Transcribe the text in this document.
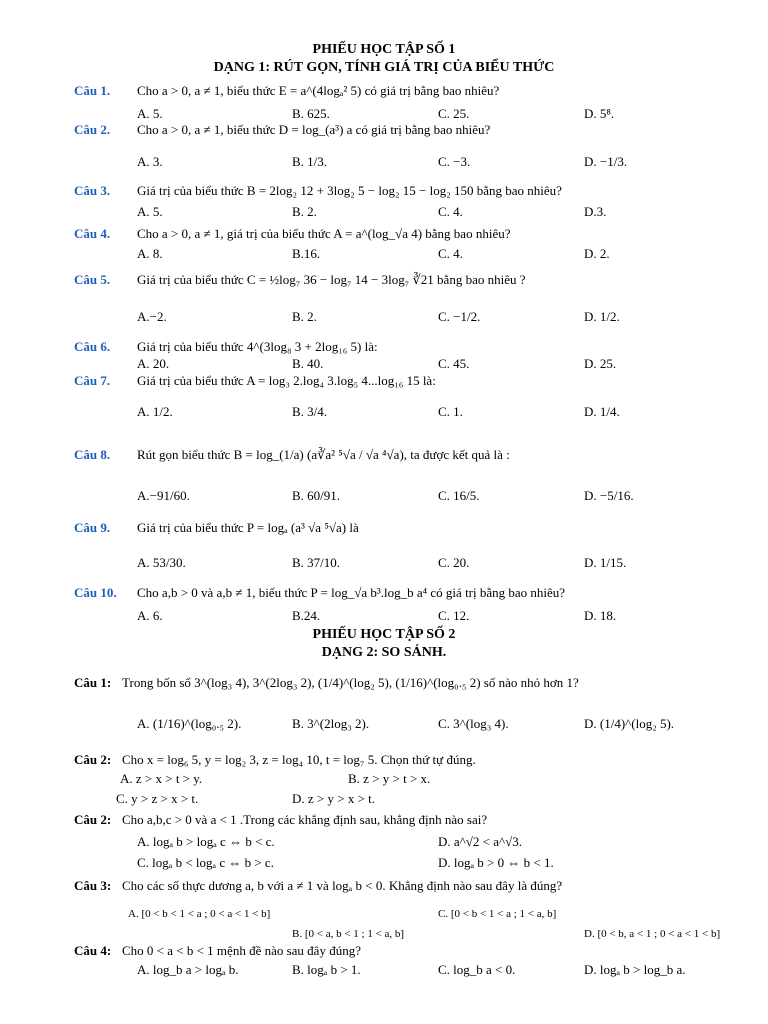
PHIẾU HỌC TẬP SỐ 1
DẠNG 1: RÚT GỌN, TÍNH GIÁ TRỊ CỦA BIỂU THỨC
Câu 1. Cho a > 0, a ≠ 1, biểu thức E = a^(4logₐ² 5) có giá trị bằng bao nhiêu?
A. 5.	B. 625.	C. 25.	D. 5⁸.
Câu 2. Cho a > 0, a ≠ 1, biểu thức D = log_(a³) a có giá trị bằng bao nhiêu?
A. 3.	B. 1/3.	C. −3.	D. −1/3.
Câu 3. Giá trị của biểu thức B = 2log₂ 12 + 3log₂ 5 − log₂ 15 − log₂ 150 bằng bao nhiêu?
A. 5.	B. 2.	C. 4.	D.3.
Câu 4. Cho a > 0, a ≠ 1, giá trị của biểu thức A = a^(log_√a 4) bằng bao nhiêu?
A. 8.	B.16.	C. 4.	D. 2.
Câu 5. Giá trị của biểu thức C = ½log₇ 36 − log₇ 14 − 3log₇ ∛21 bằng bao nhiêu ?
A.−2.	B. 2.	C. −1/2.	D. 1/2.
Câu 6. Giá trị của biểu thức 4^(3log₈ 3 + 2log₁₆ 5) là:
A. 20.	B. 40.	C. 45.	D. 25.
Câu 7. Giá trị của biểu thức A = log₃ 2.log₄ 3.log₅ 4...log₁₆ 15 là:
A. 1/2.	B. 3/4.	C. 1.	D. 1/4.
Câu 8. Rút gọn biểu thức B = log_(1/a) (a∛a² ⁵√a / √a ⁴√a), ta được kết quả là :
A.−91/60.	B. 60/91.	C. 16/5.	D. −5/16.
Câu 9. Giá trị của biểu thức P = logₐ (a³ √a ⁵√a) là
A. 53/30.	B. 37/10.	C. 20.	D. 1/15.
Câu 10. Cho a,b > 0 và a,b ≠ 1, biểu thức P = log_√a b³.log_b a⁴ có giá trị bằng bao nhiêu?
A. 6.	B.24.	C. 12.	D. 18.
PHIẾU HỌC TẬP SỐ 2
DẠNG 2: SO SÁNH.
Câu 1: Trong bốn số 3^(log₃ 4), 3^(2log₃ 2), (1/4)^(log₂ 5), (1/16)^(log₀.₅ 2) số nào nhỏ hơn 1?
A. (1/16)^(log₀.₅ 2).	B. 3^(2log₃ 2).	C. 3^(log₃ 4).	D. (1/4)^(log₂ 5).
Câu 2: Cho x = log₆ 5, y = log₂ 3, z = log₄ 10, t = log₇ 5. Chọn thứ tự đúng.
A. z > x > t > y.	B. z > y > t > x.
C. y > z > x > t.	D. z > y > x > t.
Câu 2: Cho a,b,c > 0 và a < 1 .Trong các khẳng định sau, khẳng định nào sai?
A. logₐ b > logₐ c ⇔ b < c.	D. a^√2 < a^√3.
C. logₐ b < logₐ c ⇔ b > c.	D. logₐ b > 0 ⇔ b < 1.
Câu 3: Cho các số thực dương a, b với a ≠ 1 và logₐ b < 0. Khẳng định nào sau đây là đúng?
A. [0 < b < 1 < a ; 0 < a < 1 < b]
B. [0 < a, b < 1 ; 1 < a, b]
C. [0 < b < 1 < a ; 1 < a, b]
D. [0 < b, a < 1 ; 0 < a < 1 < b]
Câu 4: Cho 0 < a < b < 1 mệnh đề nào sau đây đúng?
A. log_b a > logₐ b.	B. logₐ b > 1.	C. log_b a < 0.	D. logₐ b > log_b a.
